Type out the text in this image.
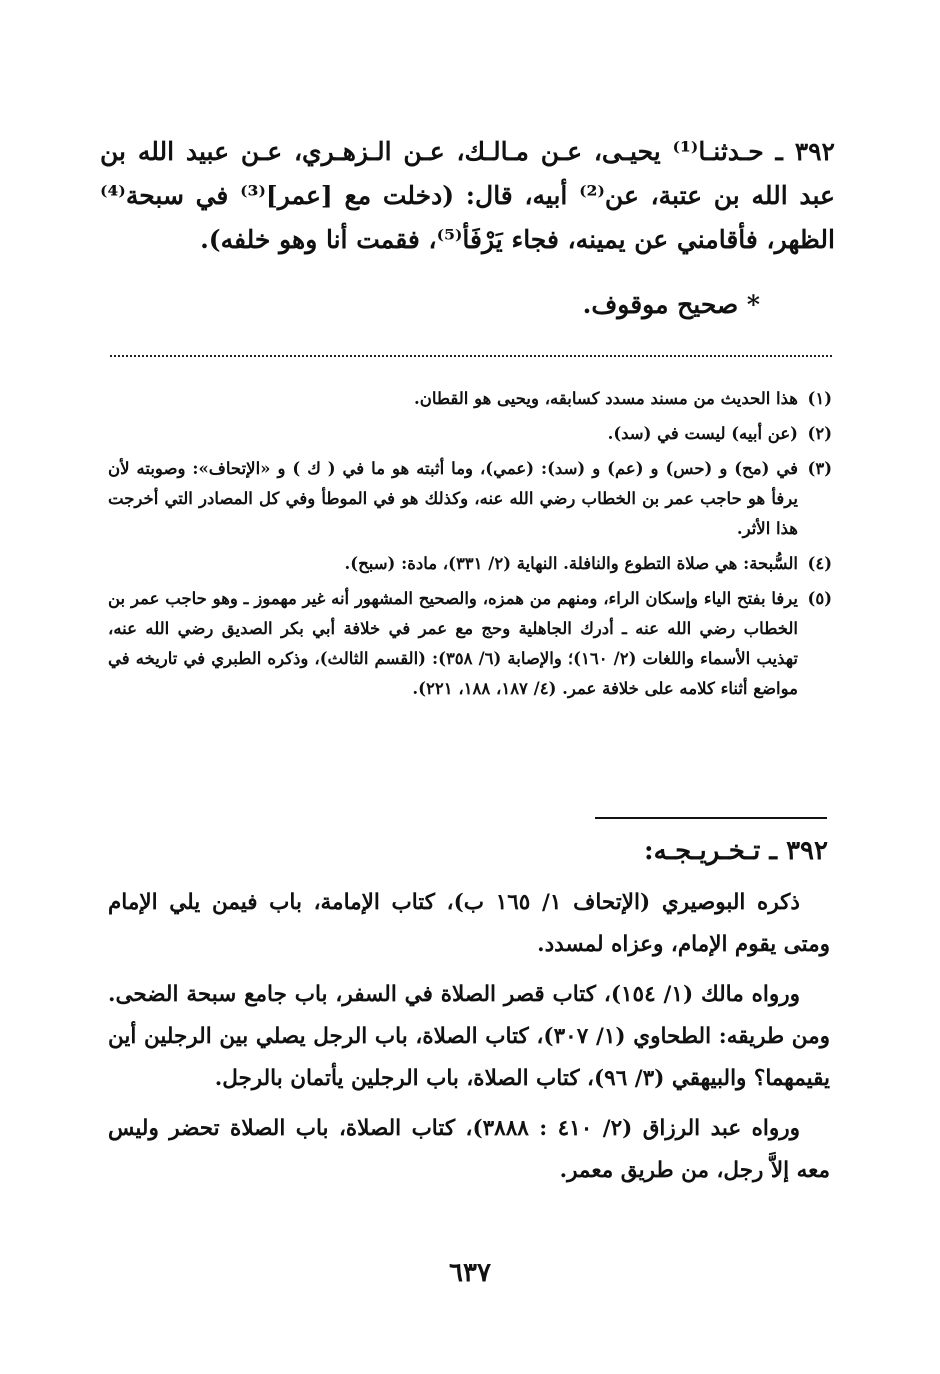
٣٩٢ ـ حـدثنـا⁽¹⁾ يحيـى، عـن مـالـك، عـن الـزهـري، عـن عبيد الله بن عبد الله بن عتبة، عن⁽²⁾ أبيه، قال: (دخلت مع [عمر]⁽³⁾ في سبحة⁽⁴⁾ الظهر، فأقامني عن يمينه، فجاء يَرْفَأ⁽⁵⁾، فقمت أنا وهو خلفه).
* صحيح موقوف.
(١)
هذا الحديث من مسند مسدد كسابقه، ويحيى هو القطان.
(٢)
(عن أبيه) ليست في (سد).
(٣)
في (مح) و (حس) و (عم) و (سد): (عمي)، وما أثبته هو ما في ( ك ) و «الإتحاف»: وصوبته لأن يرفأ هو حاجب عمر بن الخطاب رضي الله عنه، وكذلك هو في الموطأ وفي كل المصادر التي أخرجت هذا الأثر.
(٤)
السُّبحة: هي صلاة التطوع والنافلة. النهاية (٢/ ٣٣١)، مادة: (سبح).
(٥)
يرفا بفتح الياء وإسكان الراء، ومنهم من همزه، والصحيح المشهور أنه غير مهموز ـ وهو حاجب عمر بن الخطاب رضي الله عنه ـ أدرك الجاهلية وحج مع عمر في خلافة أبي بكر الصديق رضي الله عنه، تهذيب الأسماء واللغات (٢/ ١٦٠)؛ والإصابة (٦/ ٣٥٨): (القسم الثالث)، وذكره الطبري في تاريخه في مواضع أثناء كلامه على خلافة عمر. (٤/ ١٨٧، ١٨٨، ٢٢١).
٣٩٢ ـ تـخـريـجـه:

ذكره البوصيري (الإتحاف ١/ ١٦٥ ب)، كتاب الإمامة، باب فيمن يلي الإمام ومتى يقوم الإمام، وعزاه لمسدد.

ورواه مالك (١/ ١٥٤)، كتاب قصر الصلاة في السفر، باب جامع سبحة الضحى. ومن طريقه: الطحاوي (١/ ٣٠٧)، كتاب الصلاة، باب الرجل يصلي بين الرجلين أين يقيمهما؟ والبيهقي (٣/ ٩٦)، كتاب الصلاة، باب الرجلين يأتمان بالرجل.

ورواه عبد الرزاق (٢/ ٤١٠ : ٣٨٨٨)، كتاب الصلاة، باب الصلاة تحضر وليس معه إلاَّ رجل، من طريق معمر.

٦٣٧
